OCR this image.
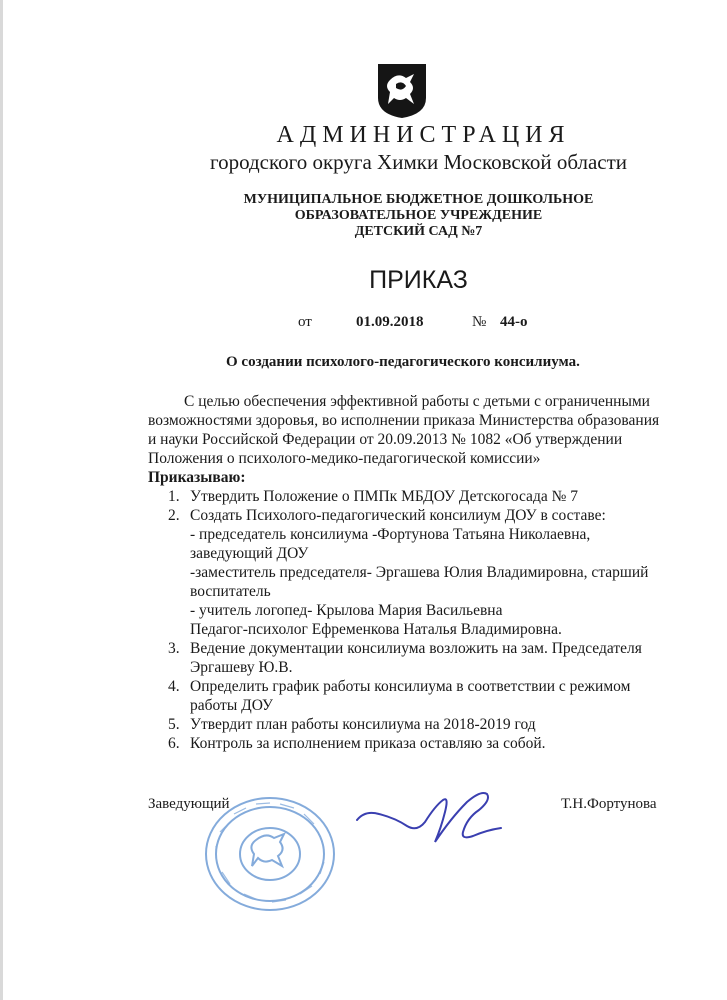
АДМИНИСТРАЦИЯ
городского округа Химки Московской области
МУНИЦИПАЛЬНОЕ БЮДЖЕТНОЕ ДОШКОЛЬНОЕ
ОБРАЗОВАТЕЛЬНОЕ УЧРЕЖДЕНИЕ
ДЕТСКИЙ САД №7
ПРИКАЗ
от	01.09.2018	№ 44-о
О создании психолого-педагогического консилиума.
С целью обеспечения эффективной работы с детьми с ограниченными
возможностями здоровья, во исполнении приказа Министерства образования
и науки Российской Федерации от 20.09.2013 № 1082 «Об утверждении
Положения о психолого-медико-педагогической комиссии»
Приказываю:
1. Утвердить Положение о ПМПк МБДОУ Детскогосада № 7
2. Создать Психолого-педагогический консилиум ДОУ в составе:
- председатель консилиума -Фортунова Татьяна Николаевна,
заведующий ДОУ
-заместитель председателя- Эргашева Юлия Владимировна, старший
воспитатель
- учитель логопед- Крылова Мария Васильевна
Педагог-психолог Ефременкова Наталья Владимировна.
3. Ведение документации консилиума возложить на зам. Председателя
Эргашеву Ю.В.
4. Определить график работы консилиума в соответствии с режимом
работы ДОУ
5. Утвердит план работы консилиума на 2018-2019 год
6. Контроль за исполнением приказа оставляю за собой.
Заведующий	Т.Н.Фортунова
